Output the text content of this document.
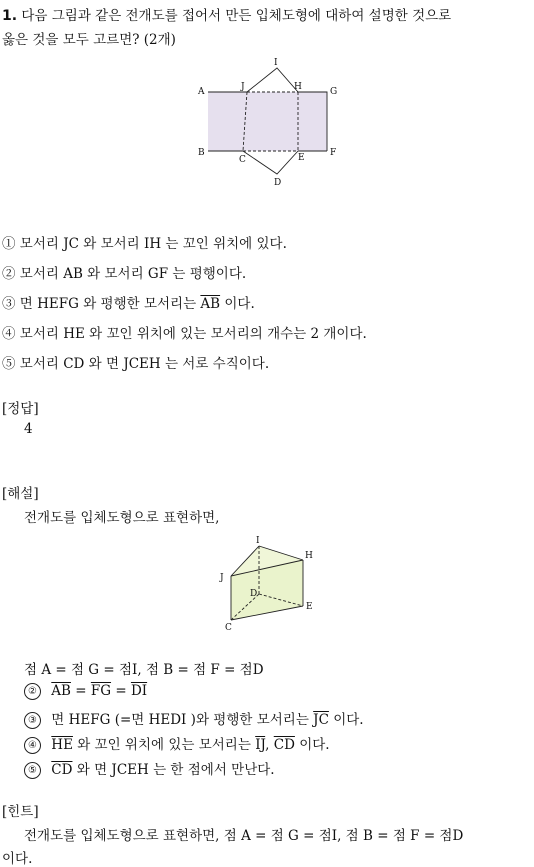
1. 다음 그림과 같은 전개도를 접어서 만든 입체도형에 대하여 설명한 것으로
옳은 것을 모두 고르면? (2개)
A
B
C
D
E	F
G
H
I
J
① 모서리 JC 와 모서리 IH 는 꼬인 위치에 있다.
② 모서리 AB 와 모서리 GF 는 평행이다.
③ 면 HEFG 와 평행한 모서리는 $\overline{AB}$ 이다.
④ 모서리 HE 와 꼬인 위치에 있는 모서리의 개수는 2 개이다.
⑤ 모서리 CD 와 면 JCEH 는 서로 수직이다.
[정답]
4
[해설]
전개도를 입체도형으로 표현하면,
I
H
J
D
E
C
점 A = 점 G = 점I, 점 B = 점 F = 점D
② $\overline{AB} = \overline{FG} = \overline{DI}$
③ 면 HEFG (=면 HEDI )와 평행한 모서리는 $\overline{JC}$ 이다.
④ $\overline{HE}$ 와 꼬인 위치에 있는 모서리는 $\overline{IJ}$, $\overline{CD}$ 이다.
⑤ $\overline{CD}$ 와 면 JCEH 는 한 점에서 만난다.
[힌트]
전개도를 입체도형으로 표현하면, 점 A = 점 G = 점I, 점 B = 점 F = 점D
이다.
